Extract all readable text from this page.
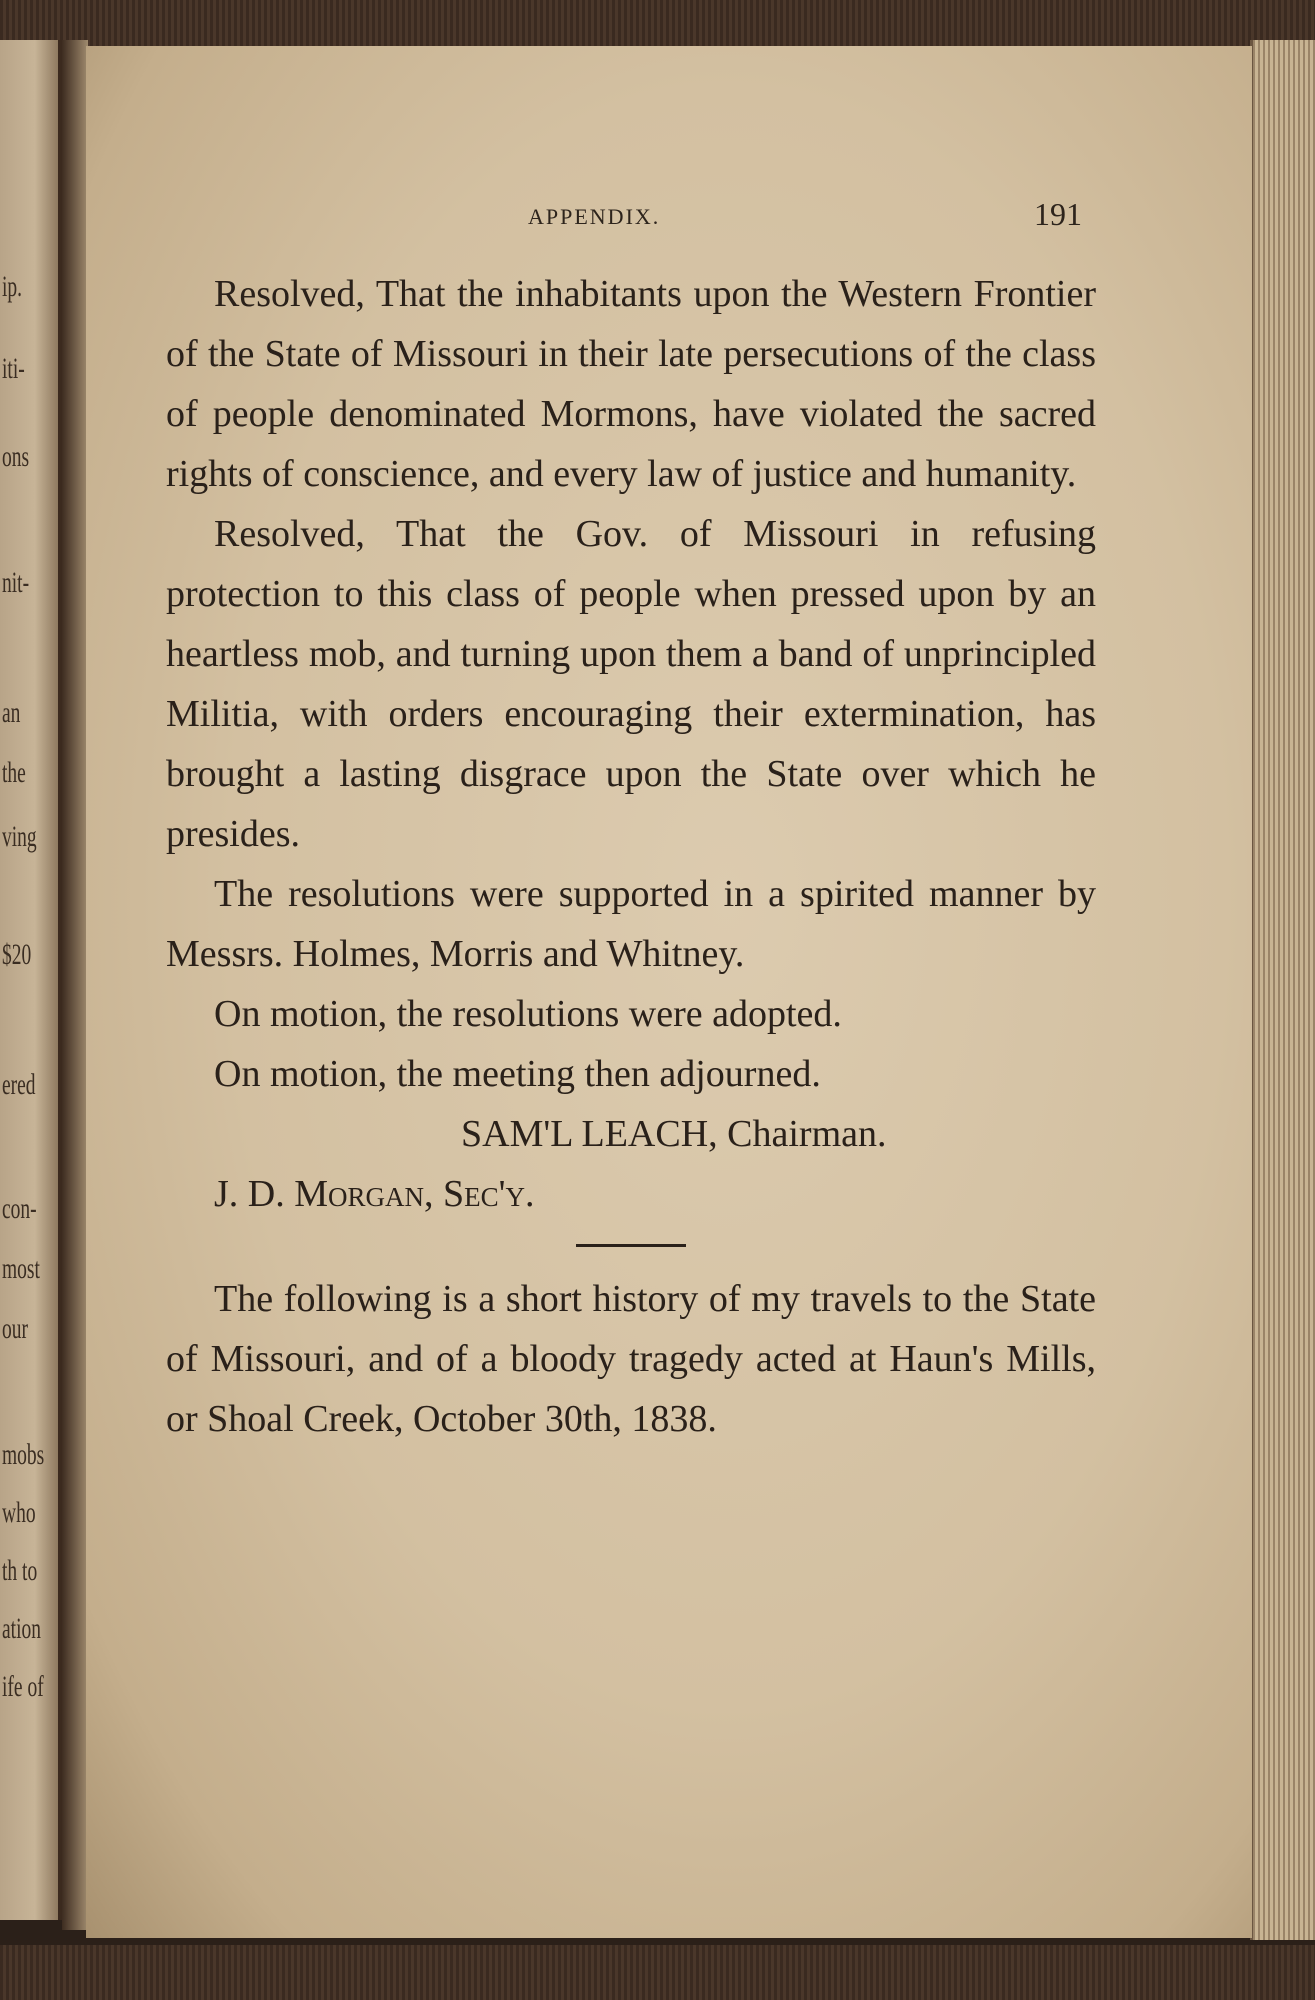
ip.
iti-
ons
nit-
an
the
ving
$20
ered
con-
most
our
mobs
who
th to
ation
ife of
APPENDIX.	191

Resolved, That the inhabitants upon the Western Frontier of the State of Missouri in their late persecutions of the class of people denominated Mormons, have violated the sacred rights of conscience, and every law of justice and humanity.

Resolved, That the Gov. of Missouri in refusing protection to this class of people when pressed upon by an heartless mob, and turning upon them a band of unprincipled Militia, with orders encouraging their extermination, has brought a lasting disgrace upon the State over which he presides.

The resolutions were supported in a spirited manner by Messrs. Holmes, Morris and Whitney.

On motion, the resolutions were adopted.

On motion, the meeting then adjourned.

SAM'L LEACH, Chairman.

J. D. Morgan, Sec'y.

The following is a short history of my travels to the State of Missouri, and of a bloody tragedy acted at Haun's Mills, or Shoal Creek, October 30th, 1838.
